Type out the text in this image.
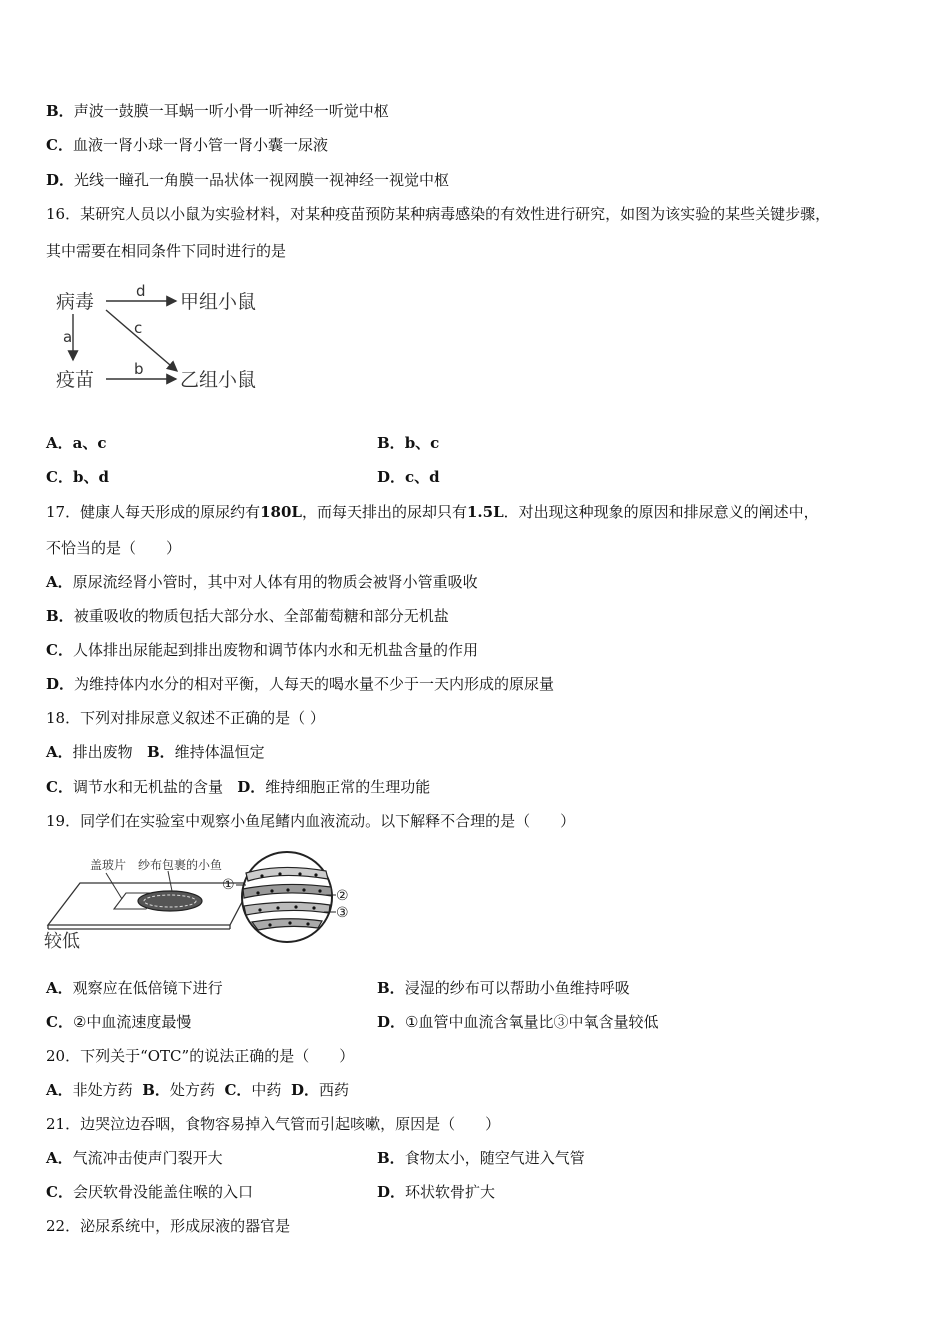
B．声波一鼓膜一耳蜗一听小骨一听神经一听觉中枢
C．血液一肾小球一肾小管一肾小囊一尿液
D．光线一瞳孔一角膜一品状体一视网膜一视神经一视觉中枢
16．某研究人员以小鼠为实验材料，对某种疫苗预防某种病毒感染的有效性进行研究，如图为该实验的某些关键步骤，
其中需要在相同条件下同时进行的是
病毒
疫苗
甲组小鼠
乙组小鼠
d
b
a	c
A．a、c	B．b、c
C．b、d	D．c、d
17．健康人每天形成的原尿约有180L，而每天排出的尿却只有1.5L．对出现这种现象的原因和排尿意义的阐述中，
不恰当的是（　　）
A．原尿流经肾小管时，其中对人体有用的物质会被肾小管重吸收
B．被重吸收的物质包括大部分水、全部葡萄糖和部分无机盐
C．人体排出尿能起到排出废物和调节体内水和无机盐含量的作用
D．为维持体内水分的相对平衡，人每天的喝水量不少于一天内形成的原尿量
18．下列对排尿意义叙述不正确的是（ ）
A．排出废物 B．维持体温恒定
C．调节水和无机盐的含量 D．维持细胞正常的生理功能
19．同学们在实验室中观察小鱼尾鳍内血液流动。以下解释不合理的是（　　）
盖玻片 纱布包裹的小鱼
较低
①
②
③
A．观察应在低倍镜下进行	B．浸湿的纱布可以帮助小鱼维持呼吸
C．②中血流速度最慢	D．①血管中血流含氧量比③中氧含量较低
20．下列关于“OTC”的说法正确的是（　　）
A．非处方药 B．处方药 C．中药 D．西药
21．边哭泣边吞咽，食物容易掉入气管而引起咳嗽，原因是（　　）
A．气流冲击使声门裂开大	B．食物太小，随空气进入气管
C．会厌软骨没能盖住喉的入口	D．环状软骨扩大
22．泌尿系统中，形成尿液的器官是
